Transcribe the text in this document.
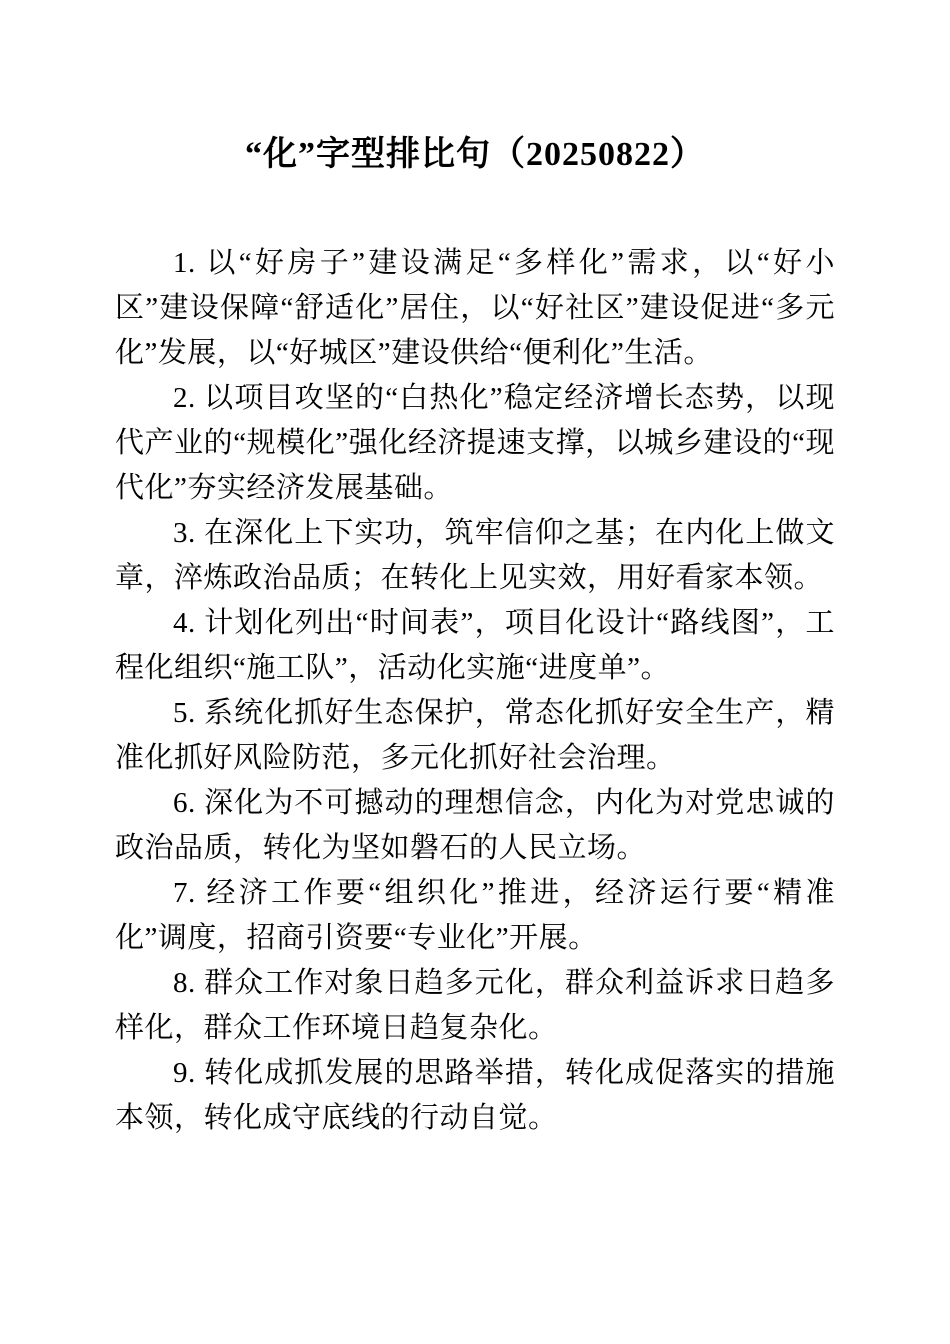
“化”字型排比句（20250822）

1. 以“好房子”建设满足“多样化”需求，以“好小区”建设保障“舒适化”居住，以“好社区”建设促进“多元化”发展，以“好城区”建设供给“便利化”生活。

2. 以项目攻坚的“白热化”稳定经济增长态势，以现代产业的“规模化”强化经济提速支撑，以城乡建设的“现代化”夯实经济发展基础。

3. 在深化上下实功，筑牢信仰之基；在内化上做文章，淬炼政治品质；在转化上见实效，用好看家本领。

4. 计划化列出“时间表”，项目化设计“路线图”，工程化组织“施工队”，活动化实施“进度单”。

5. 系统化抓好生态保护，常态化抓好安全生产，精准化抓好风险防范，多元化抓好社会治理。

6. 深化为不可撼动的理想信念，内化为对党忠诚的政治品质，转化为坚如磐石的人民立场。

7. 经济工作要“组织化”推进，经济运行要“精准化”调度，招商引资要“专业化”开展。

8. 群众工作对象日趋多元化，群众利益诉求日趋多样化，群众工作环境日趋复杂化。

9. 转化成抓发展的思路举措，转化成促落实的措施本领，转化成守底线的行动自觉。
